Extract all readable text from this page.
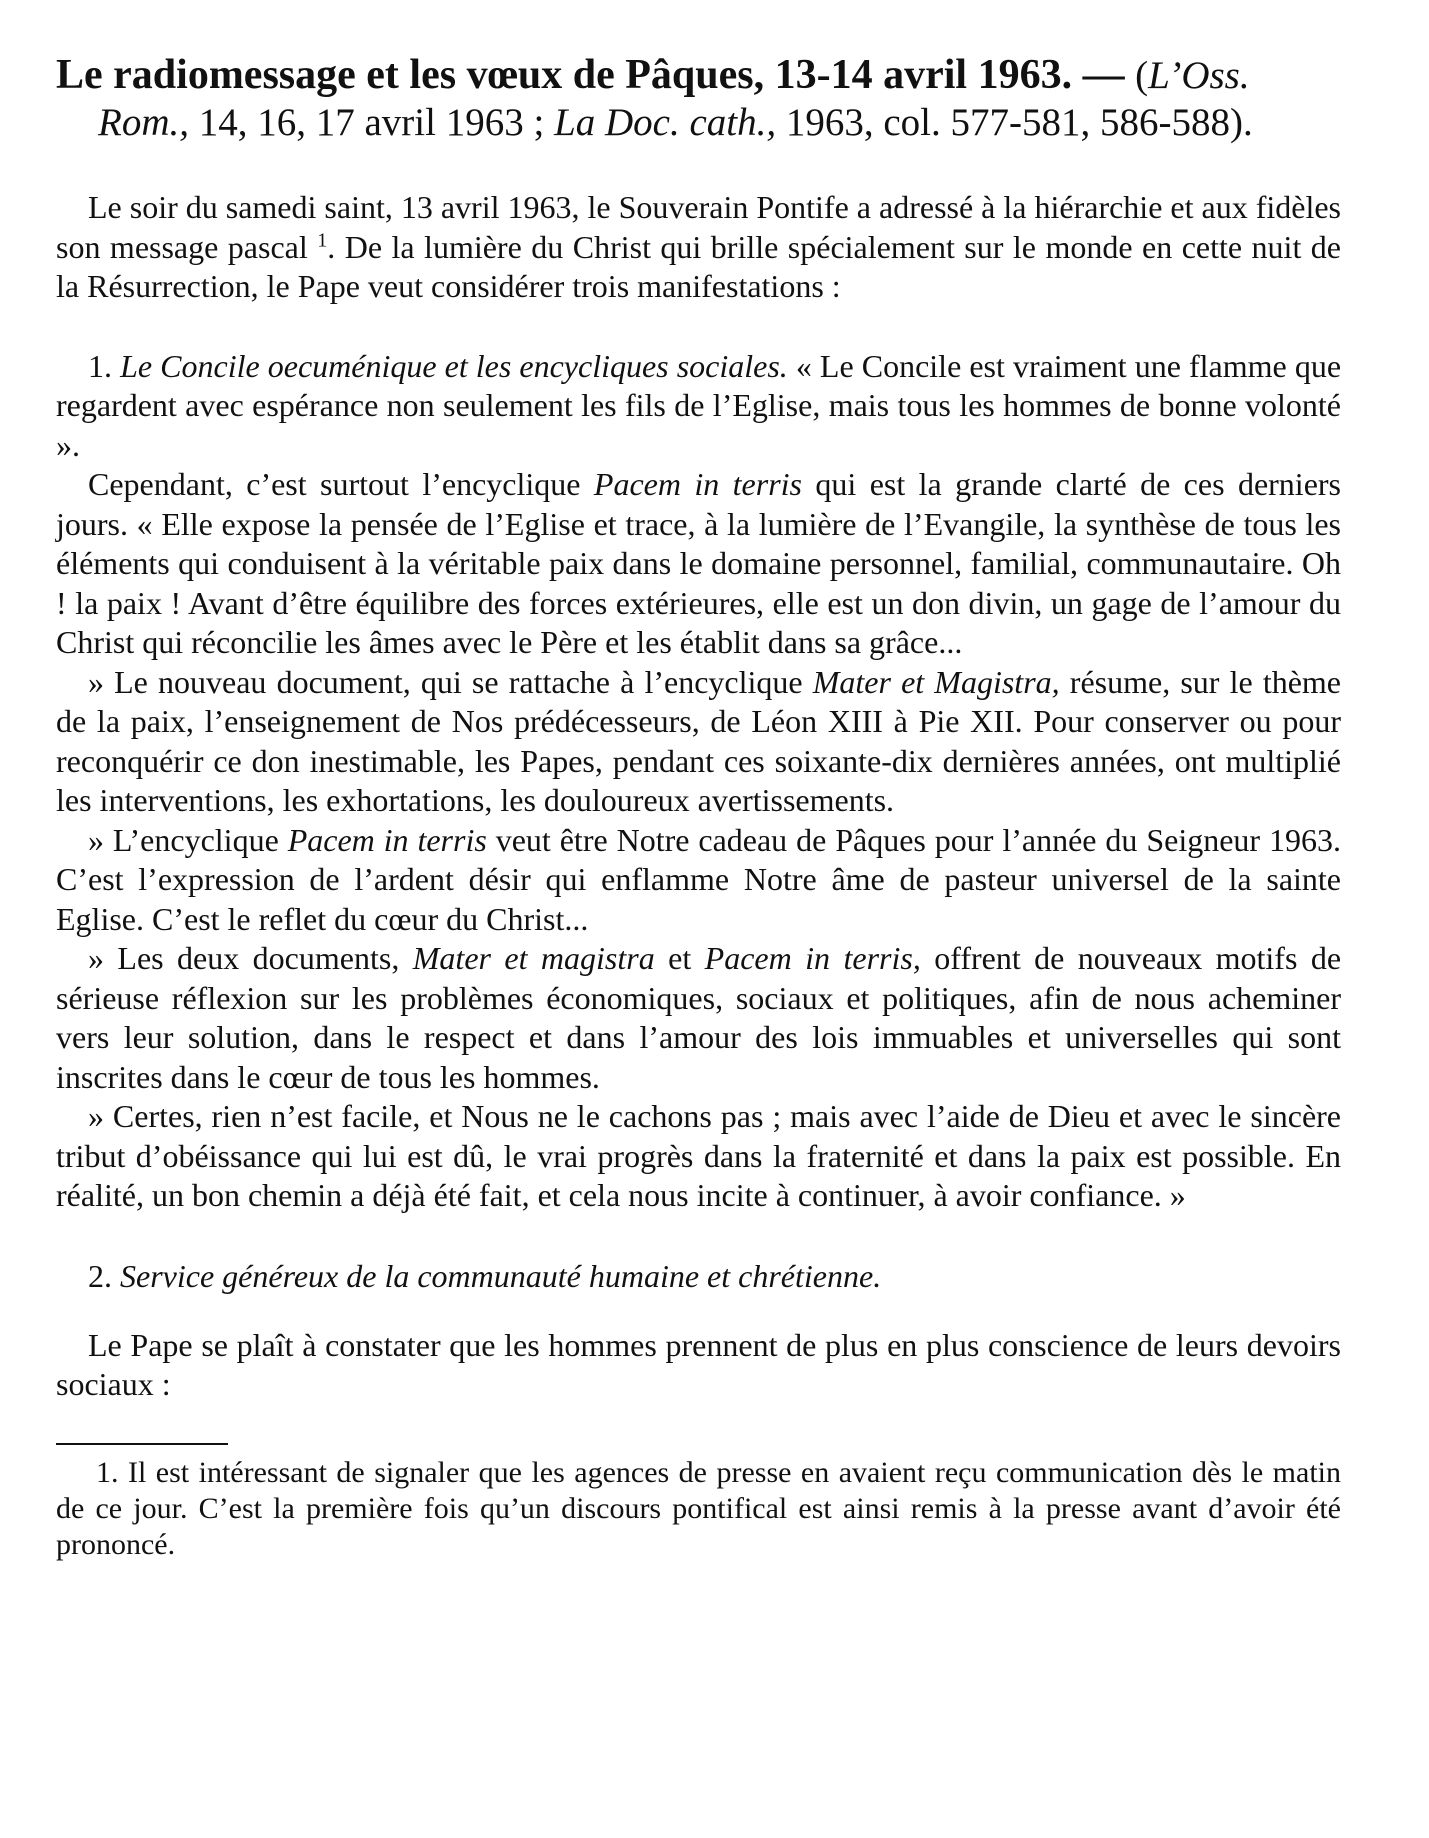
Le radiomessage et les vœux de Pâques, 13-14 avril 1963. — (L’Oss. Rom., 14, 16, 17 avril 1963 ; La Doc. cath., 1963, col. 577-581, 586-588).

Le soir du samedi saint, 13 avril 1963, le Souverain Pontife a adressé à la hiérarchie et aux fidèles son message pascal $^1$. De la lumière du Christ qui brille spécialement sur le monde en cette nuit de la Résurrection, le Pape veut considérer trois manifestations :

1. Le Concile oecuménique et les encycliques sociales. « Le Concile est vraiment une flamme que regardent avec espérance non seulement les fils de l’Eglise, mais tous les hommes de bonne volonté ».

Cependant, c’est surtout l’encyclique Pacem in terris qui est la grande clarté de ces derniers jours. « Elle expose la pensée de l’Eglise et trace, à la lumière de l’Evangile, la synthèse de tous les éléments qui conduisent à la véritable paix dans le domaine personnel, familial, communautaire. Oh ! la paix ! Avant d’être équilibre des forces extérieures, elle est un don divin, un gage de l’amour du Christ qui réconcilie les âmes avec le Père et les établit dans sa grâce...

» Le nouveau document, qui se rattache à l’encyclique Mater et Magistra, résume, sur le thème de la paix, l’enseignement de Nos prédécesseurs, de Léon XIII à Pie XII. Pour conserver ou pour reconquérir ce don inestimable, les Papes, pendant ces soixante-dix dernières années, ont multiplié les interventions, les exhortations, les douloureux avertissements.

» L’encyclique Pacem in terris veut être Notre cadeau de Pâques pour l’année du Seigneur 1963. C’est l’expression de l’ardent désir qui enflamme Notre âme de pasteur universel de la sainte Eglise. C’est le reflet du cœur du Christ...

» Les deux documents, Mater et magistra et Pacem in terris, offrent de nouveaux motifs de sérieuse réflexion sur les problèmes économiques, sociaux et politiques, afin de nous acheminer vers leur solution, dans le respect et dans l’amour des lois immuables et universelles qui sont inscrites dans le cœur de tous les hommes.

» Certes, rien n’est facile, et Nous ne le cachons pas ; mais avec l’aide de Dieu et avec le sincère tribut d’obéissance qui lui est dû, le vrai progrès dans la fraternité et dans la paix est possible. En réalité, un bon chemin a déjà été fait, et cela nous incite à continuer, à avoir confiance. »

2. Service généreux de la communauté humaine et chrétienne.

Le Pape se plaît à constater que les hommes prennent de plus en plus conscience de leurs devoirs sociaux :

1. Il est intéressant de signaler que les agences de presse en avaient reçu communication dès le matin de ce jour. C’est la première fois qu’un discours pontifical est ainsi remis à la presse avant d’avoir été prononcé.
